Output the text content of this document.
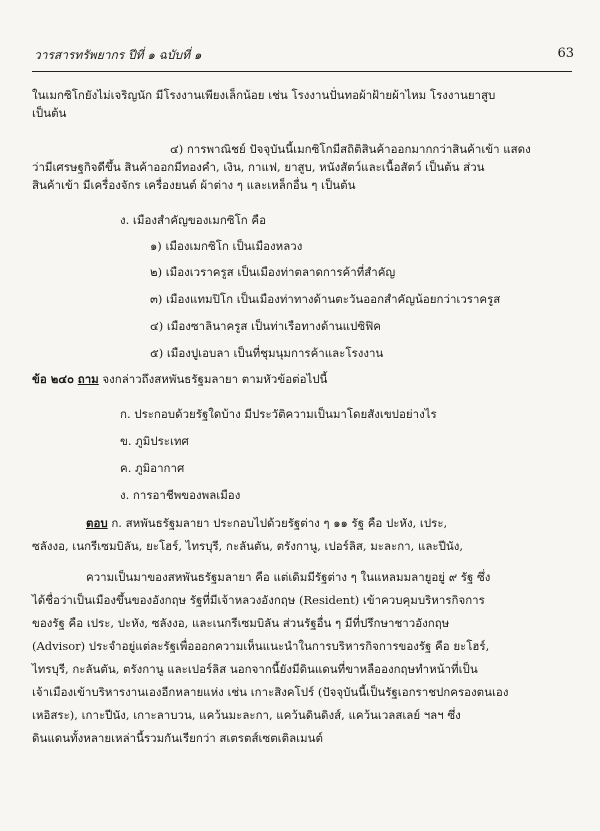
วารสารทรัพยากร ปีที่ ๑ ฉบับที่ ๑	63
ในเมกซิโกยังไม่เจริญนัก มีโรงงานเพียงเล็กน้อย เช่น โรงงานปั่นทอผ้าฝ้ายผ้าไหม โรงงานยาสูบ
เป็นต้น
๔) การพาณิชย์ ปัจจุบันนี้เมกซิโกมีสถิติสินค้าออกมากกว่าสินค้าเข้า แสดง
ว่ามีเศรษฐกิจดีขึ้น สินค้าออกมีทองคำ, เงิน, กาแฟ, ยาสูบ, หนังสัตว์และเนื้อสัตว์ เป็นต้น ส่วน
สินค้าเข้า มีเครื่องจักร เครื่องยนต์ ผ้าต่าง ๆ และเหล็กอื่น ๆ เป็นต้น
ง. เมืองสำคัญของเมกซิโก คือ
๑) เมืองเมกซิโก เป็นเมืองหลวง
๒) เมืองเวราครูส เป็นเมืองท่าตลาดการค้าที่สำคัญ
๓) เมืองแทมปิโก เป็นเมืองท่าทางด้านตะวันออกสำคัญน้อยกว่าเวราครูส
๔) เมืองซาลินาครูส เป็นท่าเรือทางด้านแปซิฟิค
๕) เมืองปูเอบลา เป็นที่ชุมนุมการค้าและโรงงาน
ข้อ ๒๔๐ ถาม จงกล่าวถึงสหพันธรัฐมลายา ตามหัวข้อต่อไปนี้
ก. ประกอบด้วยรัฐใดบ้าง มีประวัติความเป็นมาโดยสังเขปอย่างไร
ข. ภูมิประเทศ
ค. ภูมิอากาศ
ง. การอาชีพของพลเมือง
ตอบ ก. สหพันธรัฐมลายา ประกอบไปด้วยรัฐต่าง ๆ ๑๑ รัฐ คือ ปะหัง, เประ,
ซลังงอ, เนกรีเซมบิลัน, ยะโฮร์, ไทรบุรี, กะลันตัน, ตรังกานู, เปอร์ลิส, มะละกา, และปีนัง,
ความเป็นมาของสหพันธรัฐมลายา คือ แต่เดิมมีรัฐต่าง ๆ ในแหลมมลายูอยู่ ๙ รัฐ ซึ่ง
ได้ชื่อว่าเป็นเมืองขึ้นของอังกฤษ รัฐที่มีเจ้าหลวงอังกฤษ (Resident) เข้าควบคุมบริหารกิจการ
ของรัฐ คือ เประ, ปะหัง, ซลังงอ, และเนกรีเซมบิลัน ส่วนรัฐอื่น ๆ มีที่ปรึกษาชาวอังกฤษ
(Advisor) ประจำอยู่แต่ละรัฐเพื่อออกความเห็นแนะนำในการบริหารกิจการของรัฐ คือ ยะโฮร์,
ไทรบุรี, กะลันตัน, ตรังกานู และเปอร์ลิส นอกจากนี้ยังมีดินแดนที่ขาหลือองกฤษทำหน้าที่เป็น
เจ้าเมืองเข้าบริหารงานเองอีกหลายแห่ง เช่น เกาะสิงคโปร์ (ปัจจุบันนี้เป็นรัฐเอกราชปกครองตนเอง
เหอิสระ), เกาะปีนัง, เกาะลาบวน, แคว้นมะละกา, แคว้นดินดิงส์, แคว้นเวลสเลย์ ฯลฯ ซึ่ง
ดินแดนทั้งหลายเหล่านี้รวมกันเรียกว่า สเตรตส์เซตเติลเมนต์
